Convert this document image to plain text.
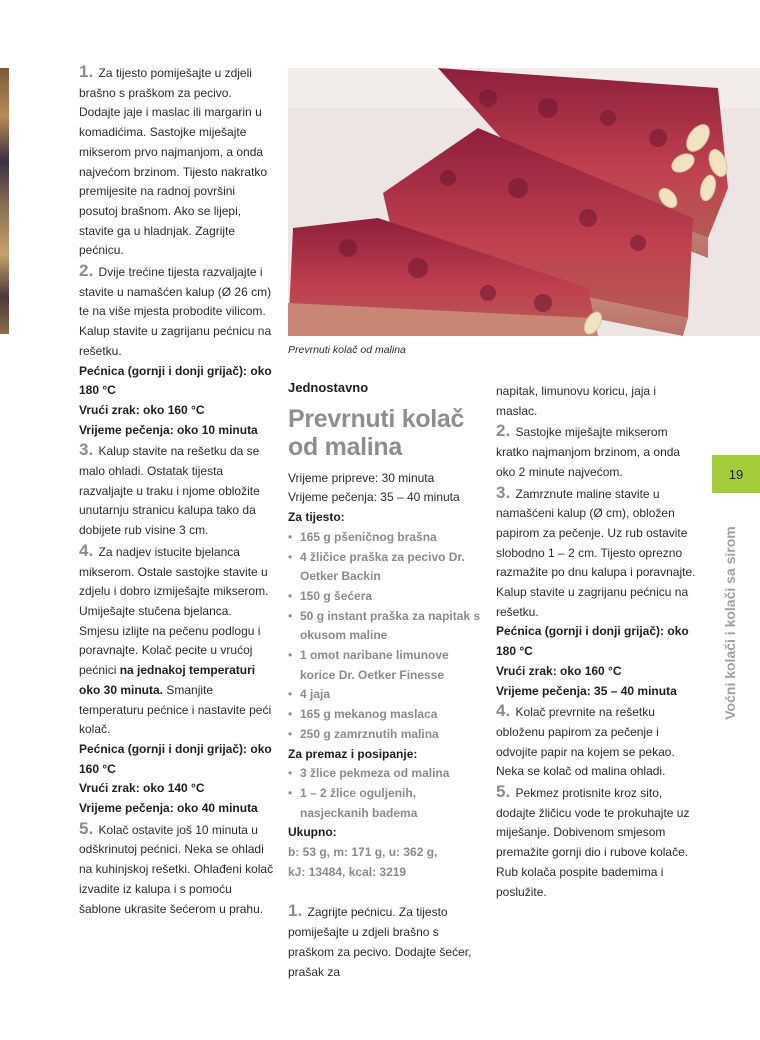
1. Za tijesto pomiješajte u zdjeli brašno s praškom za pecivo. Dodajte jaje i maslac ili margarin u komadićima. Sastojke miješajte mikserom prvo najmanjom, a onda najvećom brzinom. Tijesto nakratko premijesite na radnoj površini posutoj brašnom. Ako se lijepi, stavite ga u hladnjak. Zagrijte pećnicu.

2. Dvije trećine tijesta razvaljajte i stavite u namašćen kalup (Ø 26 cm) te na više mjesta probodite vilicom. Kalup stavite u zagrijanu pećnicu na rešetku.

Pećnica (gornji i donji grijač): oko 180 °C

Vrući zrak: oko 160 °C

Vrijeme pečenja: oko 10 minuta

3. Kalup stavite na rešetku da se malo ohladi. Ostatak tijesta razvaljajte u traku i njome obložite unutarnju stranicu kalupa tako da dobijete rub visine 3 cm.

4. Za nadjev istucite bjelanca mikserom. Ostale sastojke stavite u zdjelu i dobro izmiješajte mikserom. Umiješajte stučena bjelanca. Smjesu izlijte na pečenu podlogu i poravnajte. Kolač pecite u vrućoj pećnici na jednakoj temperaturi oko 30 minuta. Smanjite temperaturu pećnice i nastavite peći kolač.

Pećnica (gornji i donji grijač): oko 160 °C

Vrući zrak: oko 140 °C

Vrijeme pečenja: oko 40 minuta

5. Kolač ostavite još 10 minuta u odškrinutoj pećnici. Neka se ohladi na kuhinjskoj rešetki. Ohlađeni kolač izvadite iz kalupa i s pomoću šablone ukrasite šećerom u prahu.

Prevrnuti kolač od malina

Jednostavno

Prevrnuti kolač od malina

Vrijeme pripreve: 30 minuta

Vrijeme pečenja: 35 – 40 minuta

Za tijesto:

• 165 g pšeničnog brašna
• 4 žličice praška za pecivo Dr. Oetker Backin
• 150 g šećera
• 50 g instant praška za napitak s okusom maline
• 1 omot naribane limunove korice Dr. Oetker Finesse
• 4 jaja
• 165 g mekanog maslaca
• 250 g zamrznutih malina

Za premaz i posipanje:

• 3 žlice pekmeza od malina
• 1 – 2 žlice oguljenih, nasjeckanih badema

Ukupno:

b: 53 g, m: 171 g, u: 362 g,

kJ: 13484, kcal: 3219

1. Zagrijte pećnicu. Za tijesto pomiješajte u zdjeli brašno s praškom za pecivo. Dodajte šećer, prašak za

napitak, limunovu koricu, jaja i maslac.

2. Sastojke miješajte mikserom kratko najmanjom brzinom, a onda oko 2 minute najvećom.

3. Zamrznute maline stavite u namašćeni kalup (Ø cm), obložen papirom za pečenje. Uz rub ostavite slobodno 1 – 2 cm. Tijesto oprezno razmažite po dnu kalupa i poravnajte. Kalup stavite u zagrijanu pećnicu na rešetku.

Pećnica (gornji i donji grijač): oko 180 °C

Vrući zrak: oko 160 °C

Vrijeme pečenja: 35 – 40 minuta

4. Kolač prevrnite na rešetku obloženu papirom za pečenje i odvojite papir na kojem se pekao. Neka se kolač od malina ohladi.

5. Pekmez protisnite kroz sito, dodajte žličicu vode te prokuhajte uz miješanje. Dobivenom smjesom premažite gornji dio i rubove kolače. Rub kolača pospite bademima i poslužite.

19
Voćni kolači i kolači sa sirom
